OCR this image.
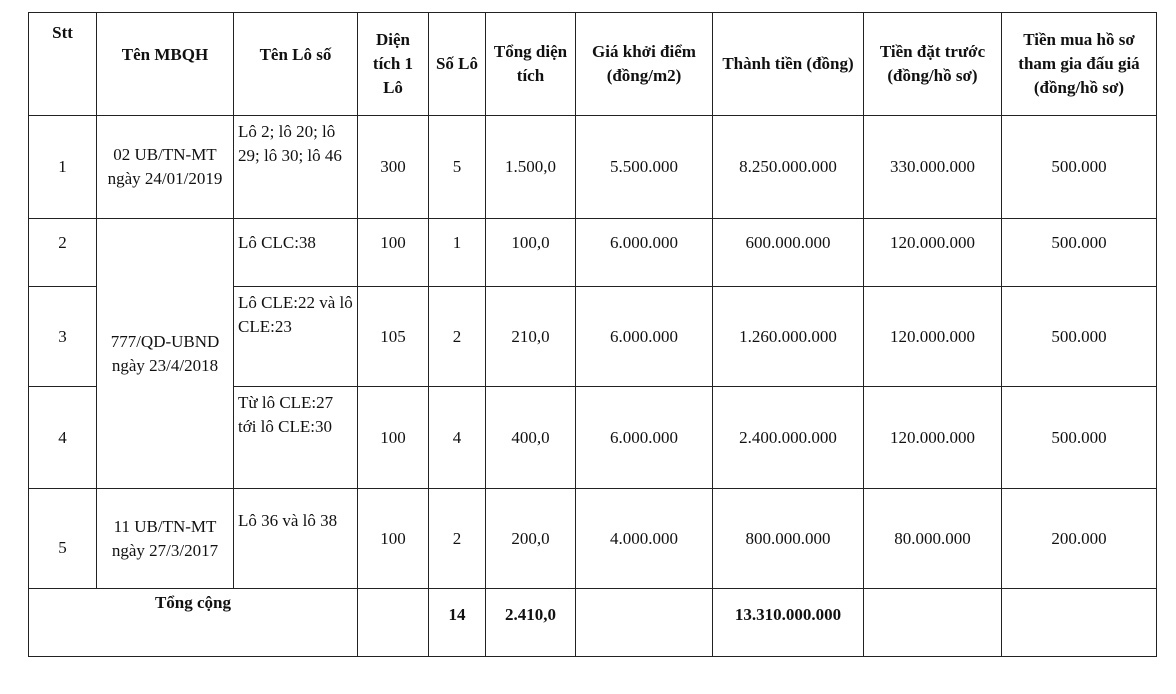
Stt	Tên MBQH	Tên Lô số	Diện tích 1 Lô	Số Lô	Tổng diện tích	Giá khởi điểm (đồng/m2)	Thành tiền (đồng)	Tiền đặt trước (đồng/hồ sơ)	Tiền mua hồ sơ tham gia đấu giá (đồng/hồ sơ)
1	02 UB/TN-MT ngày 24/01/2019	Lô 2; lô 20; lô 29; lô 30; lô 46	300	5	1.500,0	5.500.000	8.250.000.000	330.000.000	500.000
2	777/QD-UBND ngày 23/4/2018	Lô CLC:38	100	1	100,0	6.000.000	600.000.000	120.000.000	500.000
3		Lô CLE:22 và lô CLE:23	105	2	210,0	6.000.000	1.260.000.000	120.000.000	500.000
4		Từ lô CLE:27 tới lô CLE:30	100	4	400,0	6.000.000	2.400.000.000	120.000.000	500.000
5	11 UB/TN-MT ngày 27/3/2017	Lô 36 và lô 38	100	2	200,0	4.000.000	800.000.000	80.000.000	200.000
Tổng cộng				14	2.410,0		13.310.000.000		
